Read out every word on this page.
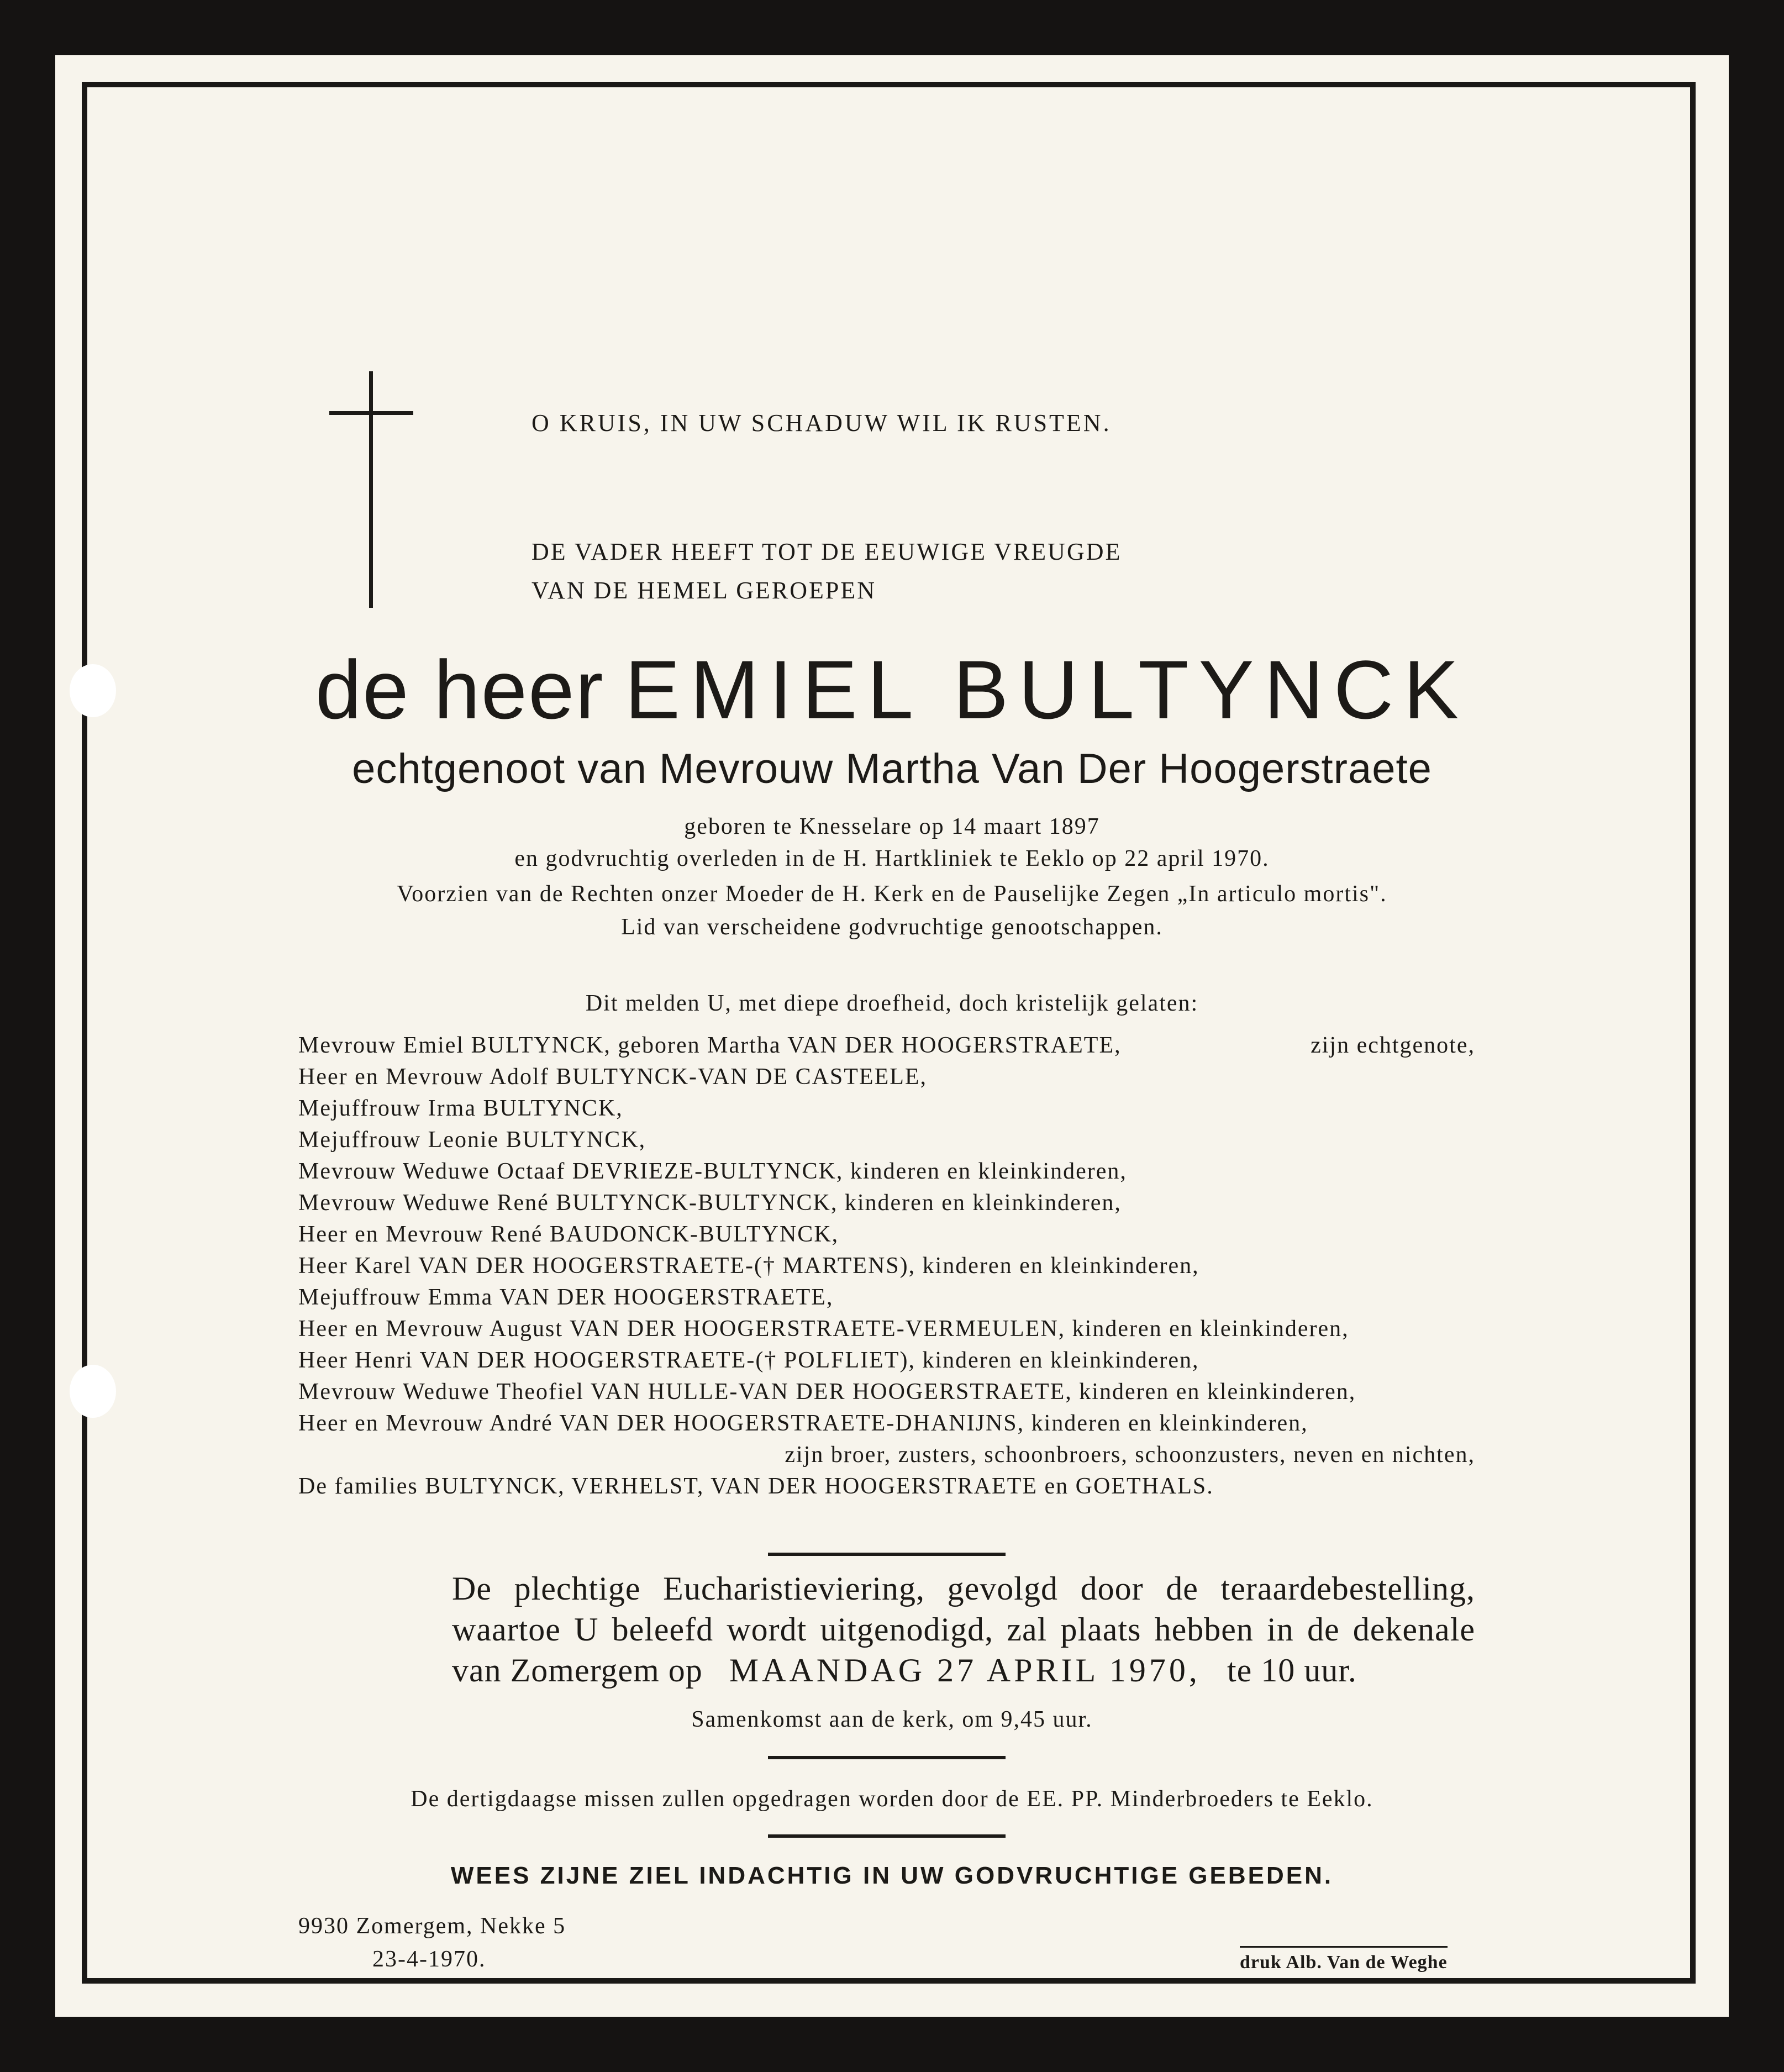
O KRUIS, IN UW SCHADUW WIL IK RUSTEN.
DE VADER HEEFT TOT DE EEUWIGE VREUGDE
VAN DE HEMEL GEROEPEN
de heer EMIEL BULTYNCK
echtgenoot van Mevrouw Martha Van Der Hoogerstraete
geboren te Knesselare op 14 maart 1897
en godvruchtig overleden in de H. Hartkliniek te Eeklo op 22 april 1970.
Voorzien van de Rechten onzer Moeder de H. Kerk en de Pauselijke Zegen „In articulo mortis".
Lid van verscheidene godvruchtige genootschappen.
Dit melden U, met diepe droefheid, doch kristelijk gelaten:
Mevrouw Emiel BULTYNCK, geboren Martha VAN DER HOOGERSTRAETE,	zijn echtgenote,
Heer en Mevrouw Adolf BULTYNCK-VAN DE CASTEELE,
Mejuffrouw Irma BULTYNCK,
Mejuffrouw Leonie BULTYNCK,
Mevrouw Weduwe Octaaf DEVRIEZE-BULTYNCK, kinderen en kleinkinderen,
Mevrouw Weduwe René BULTYNCK-BULTYNCK, kinderen en kleinkinderen,
Heer en Mevrouw René BAUDONCK-BULTYNCK,
Heer Karel VAN DER HOOGERSTRAETE-(† MARTENS), kinderen en kleinkinderen,
Mejuffrouw Emma VAN DER HOOGERSTRAETE,
Heer en Mevrouw August VAN DER HOOGERSTRAETE-VERMEULEN, kinderen en kleinkinderen,
Heer Henri VAN DER HOOGERSTRAETE-(† POLFLIET), kinderen en kleinkinderen,
Mevrouw Weduwe Theofiel VAN HULLE-VAN DER HOOGERSTRAETE, kinderen en kleinkinderen,
Heer en Mevrouw André VAN DER HOOGERSTRAETE-DHANIJNS, kinderen en kleinkinderen,
zijn broer, zusters, schoonbroers, schoonzusters, neven en nichten,
De families BULTYNCK, VERHELST, VAN DER HOOGERSTRAETE en GOETHALS.
De plechtige Eucharistieviering, gevolgd door de teraardebestelling,
waartoe U beleefd wordt uitgenodigd, zal plaats hebben in de dekenale
van Zomergem op MAANDAG 27 APRIL 1970, te 10 uur.
Samenkomst aan de kerk, om 9,45 uur.
De dertigdaagse missen zullen opgedragen worden door de EE. PP. Minderbroeders te Eeklo.
WEES ZIJNE ZIEL INDACHTIG IN UW GODVRUCHTIGE GEBEDEN.
9930 Zomergem, Nekke 5
23-4-1970.	druk Alb. Van de Weghe
